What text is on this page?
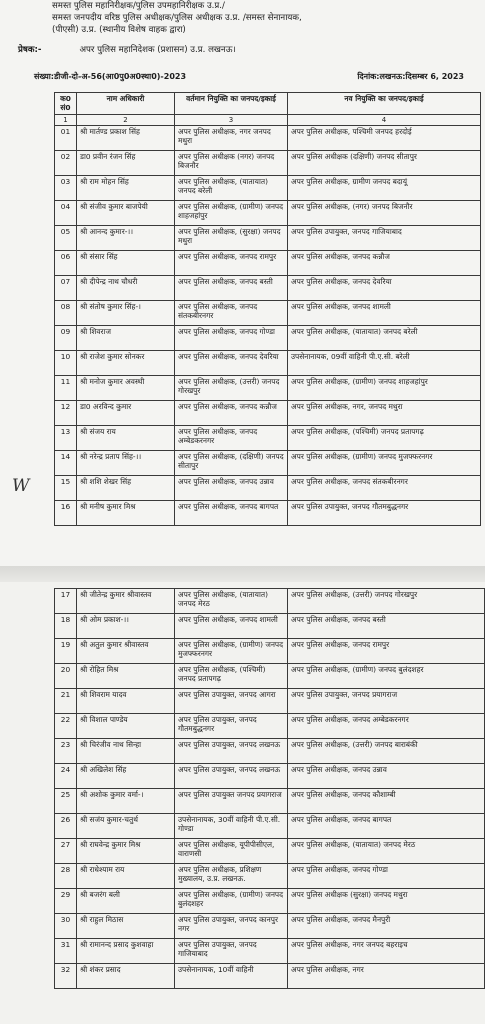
समस्त पुलिस महानिरीक्षक/पुलिस उपमहानिरीक्षक उ.प्र./
समस्त जनपदीय वरिष्ठ पुलिस अधीक्षक/पुलिस अधीक्षक उ.प्र. /समस्त सेनानायक,
(पीएसी) उ.प्र. (स्थानीय विशेष वाहक द्वारा)
प्रेषक:-	अपर पुलिस महानिदेशक (प्रशासन) उ.प्र. लखनऊ।
संख्या:डीजी-दो-अ-56(आ0पु0अ0स्था0)-2023	दिनांक:लखनऊ:दिसम्बर 6, 2023
क0 सं0	नाम अधिकारी	वर्तमान नियुक्ति का जनपद/इकाई	नव नियुक्ति का जनपद/इकाई
1	2	3	4
01	श्री मार्तण्ड प्रकाश सिंह	अपर पुलिस अधीक्षक, नगर जनपद मथुरा	अपर पुलिस अधीक्षक, पश्चिमी जनपद हरदोई
02	डा0 प्रवीन रंजन सिंह	अपर पुलिस अधीक्षक (नगर) जनपद बिजनौर	अपर पुलिस अधीक्षक (दक्षिणी) जनपद सीतापुर
03	श्री राम मोहन सिंह	अपर पुलिस अधीक्षक, (यातायात) जनपद बरेली	अपर पुलिस अधीक्षक, ग्रामीण जनपद बदायूं
04	श्री संजीव कुमार बाजपेयी	अपर पुलिस अधीक्षक, (ग्रामीण) जनपद शाहजहांपुर	अपर पुलिस अधीक्षक, (नगर) जनपद बिजनौर
05	श्री आनन्द कुमार-।।	अपर पुलिस अधीक्षक, (सुरक्षा) जनपद मथुरा	अपर पुलिस उपायुक्त, जनपद गाजियाबाद
06	श्री संसार सिंह	अपर पुलिस अधीक्षक, जनपद रामपुर	अपर पुलिस अधीक्षक, जनपद कन्नौज
07	श्री दीपेन्द्र नाथ चौधरी	अपर पुलिस अधीक्षक, जनपद बस्ती	अपर पुलिस अधीक्षक, जनपद देवरिया
08	श्री संतोष कुमार सिंह-।	अपर पुलिस अधीक्षक, जनपद संतकबीरनगर	अपर पुलिस अधीक्षक, जनपद शामली
09	श्री शिवराज	अपर पुलिस अधीक्षक, जनपद गोण्डा	अपर पुलिस अधीक्षक, (यातायात) जनपद बरेली
10	श्री राजेश कुमार सोनकर	अपर पुलिस अधीक्षक, जनपद देवरिया	उपसेनानायक, 09वीं वाहिनी पी.ए.सी. बरेली
11	श्री मनोज कुमार अवस्थी	अपर पुलिस अधीक्षक, (उत्तरी) जनपद गोरखपुर	अपर पुलिस अधीक्षक, (ग्रामीण) जनपद शाहजहांपुर
12	डा0 अरविन्द कुमार	अपर पुलिस अधीक्षक, जनपद कन्नौज	अपर पुलिस अधीक्षक, नगर, जनपद मथुरा
13	श्री संजय राय	अपर पुलिस अधीक्षक, जनपद अम्बेडकरनगर	अपर पुलिस अधीक्षक, (पश्चिमी) जनपद प्रतापगढ़
14	श्री नरेन्द्र प्रताप सिंह-।।	अपर पुलिस अधीक्षक, (दक्षिणी) जनपद सीतापुर	अपर पुलिस अधीक्षक, (ग्रामीण) जनपद मुजफ्फरनगर
15	श्री शशि शेखर सिंह	अपर पुलिस अधीक्षक, जनपद उन्नाव	अपर पुलिस अधीक्षक, जनपद संतकबीरनगर
16	श्री मनीष कुमार मिश्र	अपर पुलिस अधीक्षक, जनपद बागपत	अपर पुलिस उपायुक्त, जनपद गौतमबुद्धनगर
W
17	श्री जीतेन्द्र कुमार श्रीवास्तव	अपर पुलिस अधीक्षक, (यातायात) जनपद मेरठ	अपर पुलिस अधीक्षक, (उत्तरी) जनपद गोरखपुर
18	श्री ओम प्रकाश-।।	अपर पुलिस अधीक्षक, जनपद शामली	अपर पुलिस अधीक्षक, जनपद बस्ती
19	श्री अतुल कुमार श्रीवास्तव	अपर पुलिस अधीक्षक, (ग्रामीण) जनपद मुजफ्फरनगर	अपर पुलिस अधीक्षक, जनपद रामपुर
20	श्री रोहित मिश्र	अपर पुलिस अधीक्षक, (पश्चिमी) जनपद प्रतापगढ़	अपर पुलिस अधीक्षक, (ग्रामीण) जनपद बुलंदशहर
21	श्री शिवराम यादव	अपर पुलिस उपायुक्त, जनपद आगरा	अपर पुलिस उपायुक्त, जनपद प्रयागराज
22	श्री विशाल पाण्डेय	अपर पुलिस उपायुक्त, जनपद गौतमबुद्धनगर	अपर पुलिस अधीक्षक, जनपद अम्बेडकरनगर
23	श्री चिरंजीव नाथ सिन्हा	अपर पुलिस उपायुक्त, जनपद लखनऊ	अपर पुलिस अधीक्षक, (उत्तरी) जनपद बाराबंकी
24	श्री अखिलेश सिंह	अपर पुलिस उपायुक्त, जनपद लखनऊ	अपर पुलिस अधीक्षक, जनपद उन्नाव
25	श्री अशोक कुमार वर्मा-।	अपर पुलिस उपायुक्त जनपद प्रयागराज	अपर पुलिस अधीक्षक, जनपद कौशाम्बी
26	श्री सजंय कुमार-चतुर्थ	उपसेनानायक, 30वीं वाहिनी पी.ए.सी. गोण्डा	अपर पुलिस अधीक्षक, जनपद बागपत
27	श्री राघवेन्द्र कुमार मिश्र	अपर पुलिस अधीक्षक, यूपीपीसीएल, वाराणसी	अपर पुलिस अधीक्षक, (यातायात) जनपद मेरठ
28	श्री राधेश्याम राय	अपर पुलिस अधीक्षक, प्रशिक्षण मुख्यालय, उ.प्र. लखनऊ.	अपर पुलिस अधीक्षक, जनपद गोण्डा
29	श्री बजरंग बली	अपर पुलिस अधीक्षक, (ग्रामीण) जनपद बुलंदशहर	अपर पुलिस अधीक्षक (सुरक्षा) जनपद मथुरा
30	श्री राहुल मिठास	अपर पुलिस उपायुक्त, जनपद कानपुर नगर	अपर पुलिस अधीक्षक, जनपद मैनपुरी
31	श्री रामानन्द प्रसाद कुशवाहा	अपर पुलिस उपायुक्त, जनपद गाजियाबाद	अपर पुलिस अधीक्षक, नगर जनपद बहराइच
32	श्री शंकर प्रसाद	उपसेनानायक, 10वीं वाहिनी	अपर पुलिस अधीक्षक, नगर
